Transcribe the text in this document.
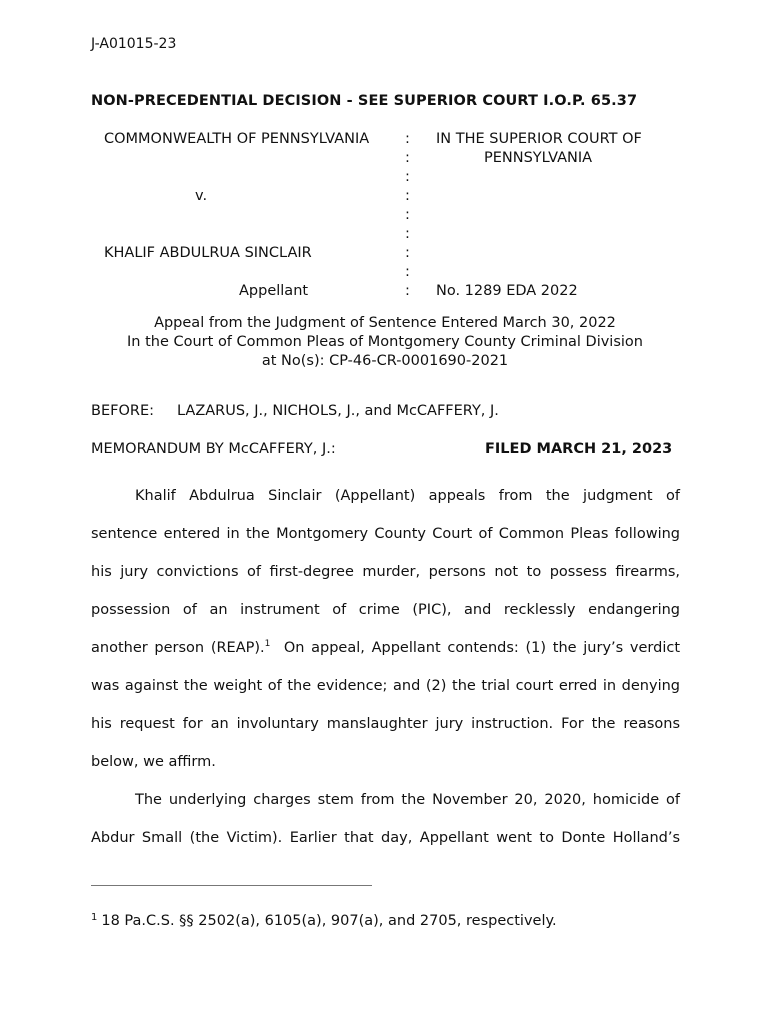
J-A01015-23
NON-PRECEDENTIAL DECISION - SEE SUPERIOR COURT I.O.P. 65.37
COMMONWEALTH OF PENNSYLVANIA
v.
KHALIF ABDULRUA SINCLAIR
Appellant
:
:
:
:
:
:
:
:
:
IN THE SUPERIOR COURT OF
PENNSYLVANIA
No. 1289 EDA 2022
Appeal from the Judgment of Sentence Entered March 30, 2022
In the Court of Common Pleas of Montgomery County Criminal Division
at No(s): CP-46-CR-0001690-2021
BEFORE: LAZARUS, J., NICHOLS, J., and McCAFFERY, J.
MEMORANDUM BY McCAFFERY, J.:	FILED MARCH 21, 2023

Khalif Abdulrua Sinclair (Appellant) appeals from the judgment of

sentence entered in the Montgomery County Court of Common Pleas following

his jury convictions of first-degree murder, persons not to possess firearms,

possession of an instrument of crime (PIC), and recklessly endangering

another person (REAP).$^1$ On appeal, Appellant contends: (1) the jury’s verdict

was against the weight of the evidence; and (2) the trial court erred in denying

his request for an involuntary manslaughter jury instruction. For the reasons

below, we affirm.

The underlying charges stem from the November 20, 2020, homicide of

Abdur Small (the Victim). Earlier that day, Appellant went to Donte Holland’s

$^1$ 18 Pa.C.S. §§ 2502(a), 6105(a), 907(a), and 2705, respectively.
